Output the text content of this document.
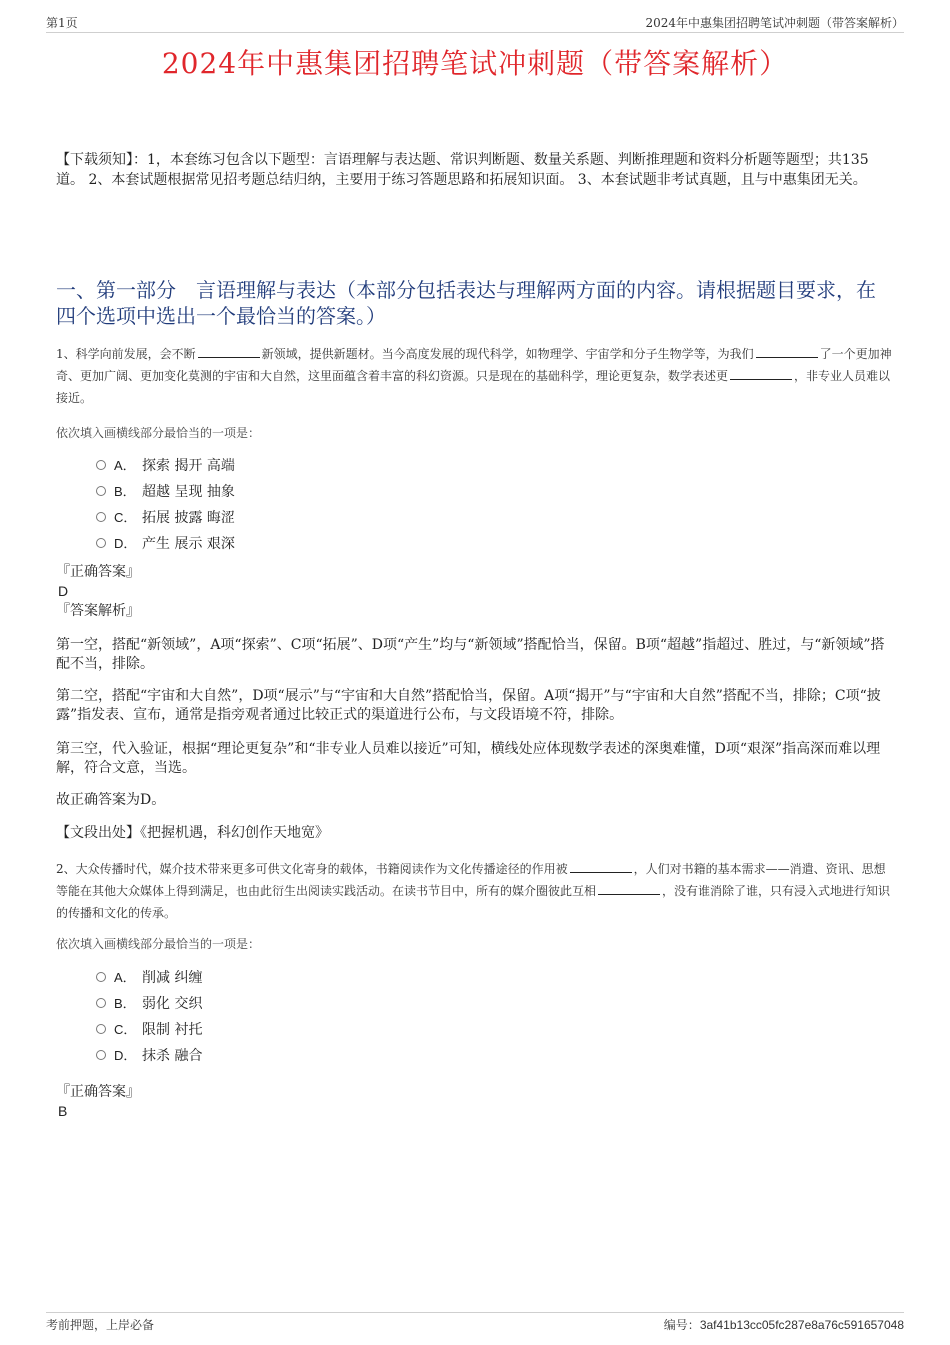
第1页	2024年中惠集团招聘笔试冲刺题（带答案解析）
2024年中惠集团招聘笔试冲刺题（带答案解析）
【下载须知】：1，本套练习包含以下题型：言语理解与表达题、常识判断题、数量关系题、判断推理题和资料分析题等题型；共135道。 2、本套试题根据常见招考题总结归纳，主要用于练习答题思路和拓展知识面。 3、本套试题非考试真题，且与中惠集团无关。
一、第一部分　言语理解与表达（本部分包括表达与理解两方面的内容。请根据题目要求，在四个选项中选出一个最恰当的答案。）
1、科学向前发展，会不断	新领域，提供新题材。当今高度发展的现代科学，如物理学、宇宙学和分子生物学等，为我们	了一个更加神奇、更加广阔、更加变化莫测的宇宙和大自然，这里面蕴含着丰富的科幻资源。只是现在的基础科学，理论更复杂，数学表述更	，非专业人员难以接近。
依次填入画横线部分最恰当的一项是：
A． 探索 揭开 高端
B． 超越 呈现 抽象
C． 拓展 披露 晦涩
D． 产生 展示 艰深
『正确答案』
D
『答案解析』
第一空，搭配“新领域”，A项“探索”、C项“拓展”、D项“产生”均与“新领域”搭配恰当，保留。B项“超越”指超过、胜过，与“新领域”搭配不当，排除。
第二空，搭配“宇宙和大自然”，D项“展示”与“宇宙和大自然”搭配恰当，保留。A项“揭开”与“宇宙和大自然”搭配不当，排除；C项“披露”指发表、宣布，通常是指旁观者通过比较正式的渠道进行公布，与文段语境不符，排除。
第三空，代入验证，根据“理论更复杂”和“非专业人员难以接近”可知，横线处应体现数学表述的深奥难懂，D项“艰深”指高深而难以理解，符合文意，当选。
故正确答案为D。
【文段出处】《把握机遇，科幻创作天地宽》
2、大众传播时代，媒介技术带来更多可供文化寄身的载体，书籍阅读作为文化传播途径的作用被	，人们对书籍的基本需求——消遣、资讯、思想等能在其他大众媒体上得到满足，也由此衍生出阅读实践活动。在读书节目中，所有的媒介圈彼此互相	，没有谁消除了谁，只有浸入式地进行知识的传播和文化的传承。
依次填入画横线部分最恰当的一项是：
A． 削减 纠缠
B． 弱化 交织
C． 限制 衬托
D． 抹杀 融合
『正确答案』
B
考前押题，上岸必备	编号：3af41b13cc05fc287e8a76c591657048
